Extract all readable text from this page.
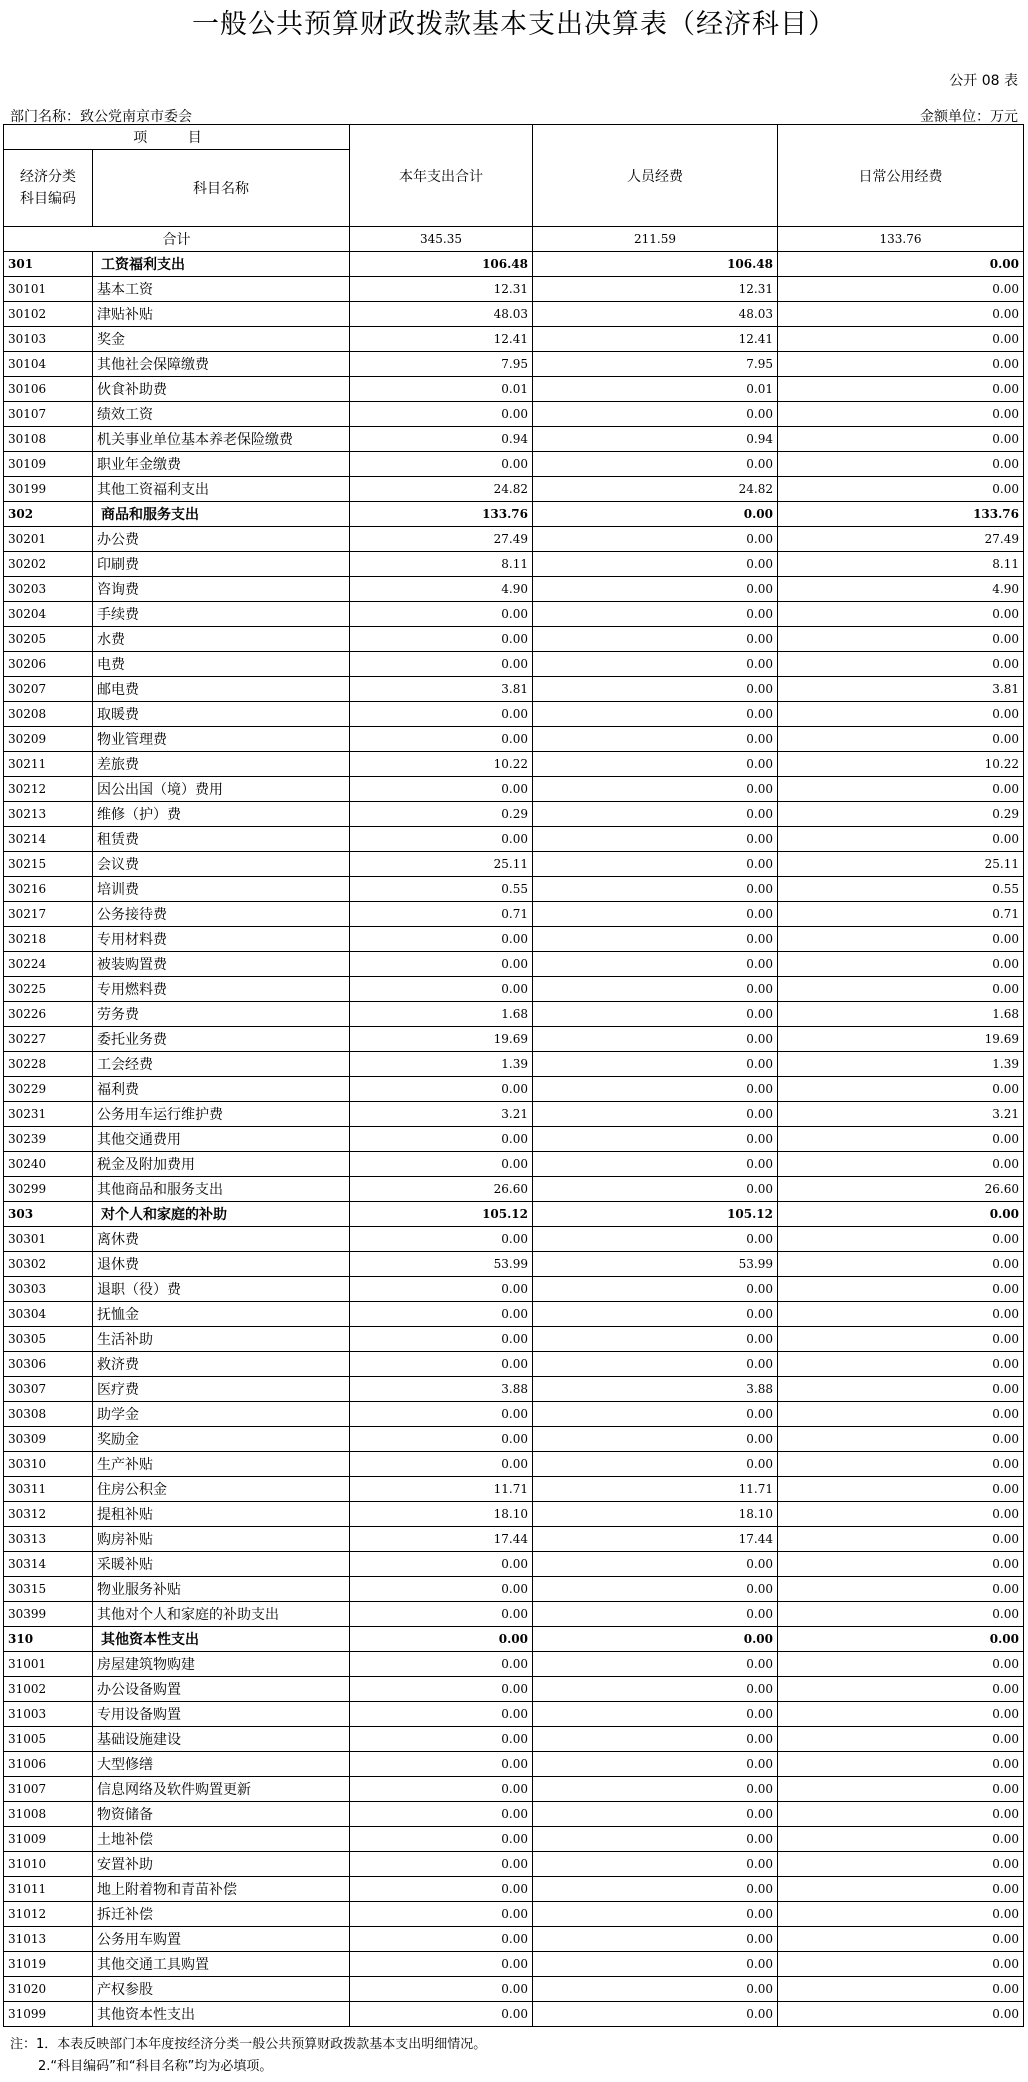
一般公共预算财政拨款基本支出决算表（经济科目）
公开 08 表
部门名称：致公党南京市委会	金额单位：万元
项 目		本年支出合计	人员经费	日常公用经费

经济分类
科目编码	科目名称			
合计		345.35	211.59	133.76
301	工资福利支出	106.48	106.48	0.00
30101	基本工资	12.31	12.31	0.00
30102	津贴补贴	48.03	48.03	0.00
30103	奖金	12.41	12.41	0.00
30104	其他社会保障缴费	7.95	7.95	0.00
30106	伙食补助费	0.01	0.01	0.00
30107	绩效工资	0.00	0.00	0.00
30108	机关事业单位基本养老保险缴费	0.94	0.94	0.00
30109	职业年金缴费	0.00	0.00	0.00
30199	其他工资福利支出	24.82	24.82	0.00
302	商品和服务支出	133.76	0.00	133.76
30201	办公费	27.49	0.00	27.49
30202	印刷费	8.11	0.00	8.11
30203	咨询费	4.90	0.00	4.90
30204	手续费	0.00	0.00	0.00
30205	水费	0.00	0.00	0.00
30206	电费	0.00	0.00	0.00
30207	邮电费	3.81	0.00	3.81
30208	取暖费	0.00	0.00	0.00
30209	物业管理费	0.00	0.00	0.00
30211	差旅费	10.22	0.00	10.22
30212	因公出国（境）费用	0.00	0.00	0.00
30213	维修（护）费	0.29	0.00	0.29
30214	租赁费	0.00	0.00	0.00
30215	会议费	25.11	0.00	25.11
30216	培训费	0.55	0.00	0.55
30217	公务接待费	0.71	0.00	0.71
30218	专用材料费	0.00	0.00	0.00
30224	被装购置费	0.00	0.00	0.00
30225	专用燃料费	0.00	0.00	0.00
30226	劳务费	1.68	0.00	1.68
30227	委托业务费	19.69	0.00	19.69
30228	工会经费	1.39	0.00	1.39
30229	福利费	0.00	0.00	0.00
30231	公务用车运行维护费	3.21	0.00	3.21
30239	其他交通费用	0.00	0.00	0.00
30240	税金及附加费用	0.00	0.00	0.00
30299	其他商品和服务支出	26.60	0.00	26.60
303	对个人和家庭的补助	105.12	105.12	0.00
30301	离休费	0.00	0.00	0.00
30302	退休费	53.99	53.99	0.00
30303	退职（役）费	0.00	0.00	0.00
30304	抚恤金	0.00	0.00	0.00
30305	生活补助	0.00	0.00	0.00
30306	救济费	0.00	0.00	0.00
30307	医疗费	3.88	3.88	0.00
30308	助学金	0.00	0.00	0.00
30309	奖励金	0.00	0.00	0.00
30310	生产补贴	0.00	0.00	0.00
30311	住房公积金	11.71	11.71	0.00
30312	提租补贴	18.10	18.10	0.00
30313	购房补贴	17.44	17.44	0.00
30314	采暖补贴	0.00	0.00	0.00
30315	物业服务补贴	0.00	0.00	0.00
30399	其他对个人和家庭的补助支出	0.00	0.00	0.00
310	其他资本性支出	0.00	0.00	0.00
31001	房屋建筑物购建	0.00	0.00	0.00
31002	办公设备购置	0.00	0.00	0.00
31003	专用设备购置	0.00	0.00	0.00
31005	基础设施建设	0.00	0.00	0.00
31006	大型修缮	0.00	0.00	0.00
31007	信息网络及软件购置更新	0.00	0.00	0.00
31008	物资储备	0.00	0.00	0.00
31009	土地补偿	0.00	0.00	0.00
31010	安置补助	0.00	0.00	0.00
31011	地上附着物和青苗补偿	0.00	0.00	0.00
31012	拆迁补偿	0.00	0.00	0.00
31013	公务用车购置	0.00	0.00	0.00
31019	其他交通工具购置	0.00	0.00	0.00
31020	产权参股	0.00	0.00	0.00
31099	其他资本性支出	0.00	0.00	0.00
注：1．本表反映部门本年度按经济分类一般公共预算财政拨款基本支出明细情况。
2.“科目编码”和“科目名称”均为必填项。
